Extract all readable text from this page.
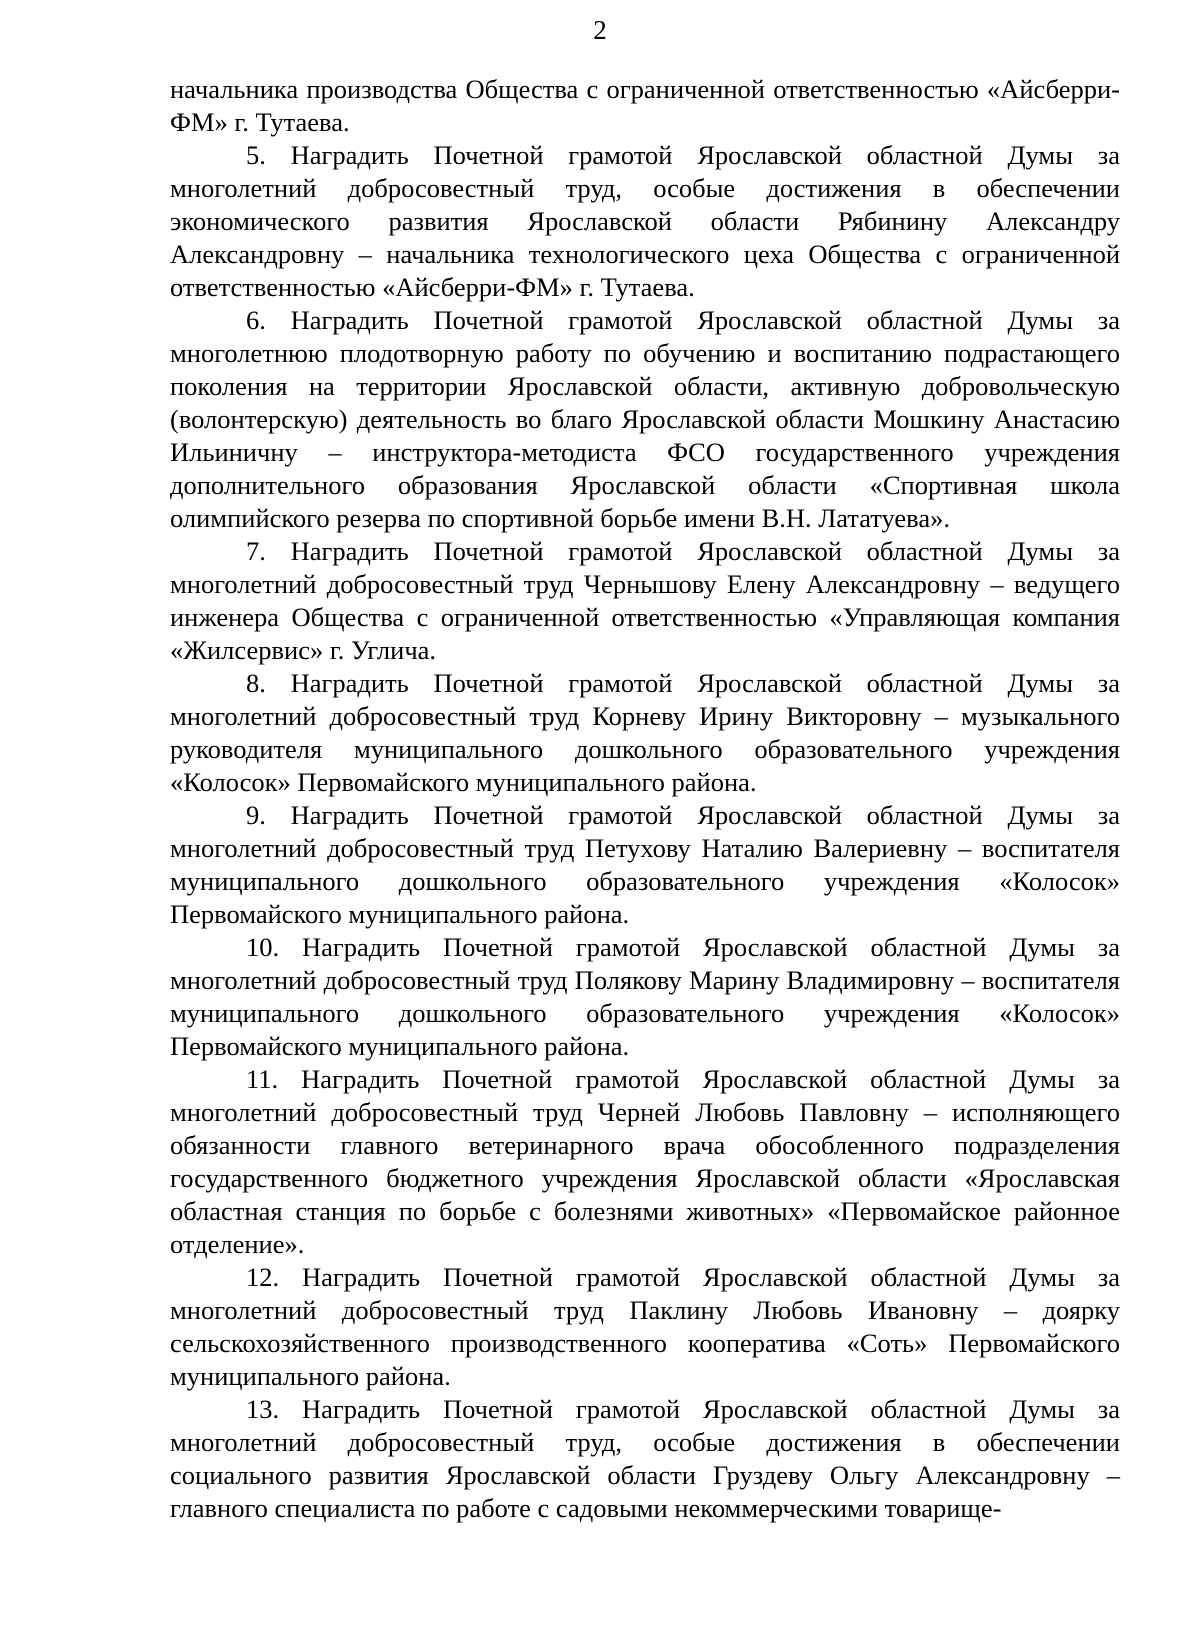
2

начальника производства Общества с ограниченной ответственностью «Айсберри-ФМ» г. Тутаева.

5. Наградить Почетной грамотой Ярославской областной Думы за многолетний добросовестный труд, особые достижения в обеспечении экономического развития Ярославской области Рябинину Александру Александровну – начальника технологического цеха Общества с ограниченной ответственностью «Айсберри-ФМ» г. Тутаева.

6. Наградить Почетной грамотой Ярославской областной Думы за многолетнюю плодотворную работу по обучению и воспитанию подрастающего поколения на территории Ярославской области, активную добровольческую (волонтерскую) деятельность во благо Ярославской области Мошкину Анастасию Ильиничну – инструктора-методиста ФСО государственного учреждения дополнительного образования Ярославской области «Спортивная школа олимпийского резерва по спортивной борьбе имени В.Н. Лататуева».

7. Наградить Почетной грамотой Ярославской областной Думы за многолетний добросовестный труд Чернышову Елену Александровну – ведущего инженера Общества с ограниченной ответственностью «Управляющая компания «Жилсервис» г. Углича.

8. Наградить Почетной грамотой Ярославской областной Думы за многолетний добросовестный труд Корневу Ирину Викторовну – музыкального руководителя муниципального дошкольного образовательного учреждения «Колосок» Первомайского муниципального района.

9. Наградить Почетной грамотой Ярославской областной Думы за многолетний добросовестный труд Петухову Наталию Валериевну – воспитателя муниципального дошкольного образовательного учреждения «Колосок» Первомайского муниципального района.

10. Наградить Почетной грамотой Ярославской областной Думы за многолетний добросовестный труд Полякову Марину Владимировну – воспитателя муниципального дошкольного образовательного учреждения «Колосок» Первомайского муниципального района.

11. Наградить Почетной грамотой Ярославской областной Думы за многолетний добросовестный труд Черней Любовь Павловну – исполняющего обязанности главного ветеринарного врача обособленного подразделения государственного бюджетного учреждения Ярославской области «Ярославская областная станция по борьбе с болезнями животных» «Первомайское районное отделение».

12. Наградить Почетной грамотой Ярославской областной Думы за многолетний добросовестный труд Паклину Любовь Ивановну – доярку сельскохозяйственного производственного кооператива «Соть» Первомайского муниципального района.

13. Наградить Почетной грамотой Ярославской областной Думы за многолетний добросовестный труд, особые достижения в обеспечении социального развития Ярославской области Груздеву Ольгу Александровну – главного специалиста по работе с садовыми некоммерческими товарище-
